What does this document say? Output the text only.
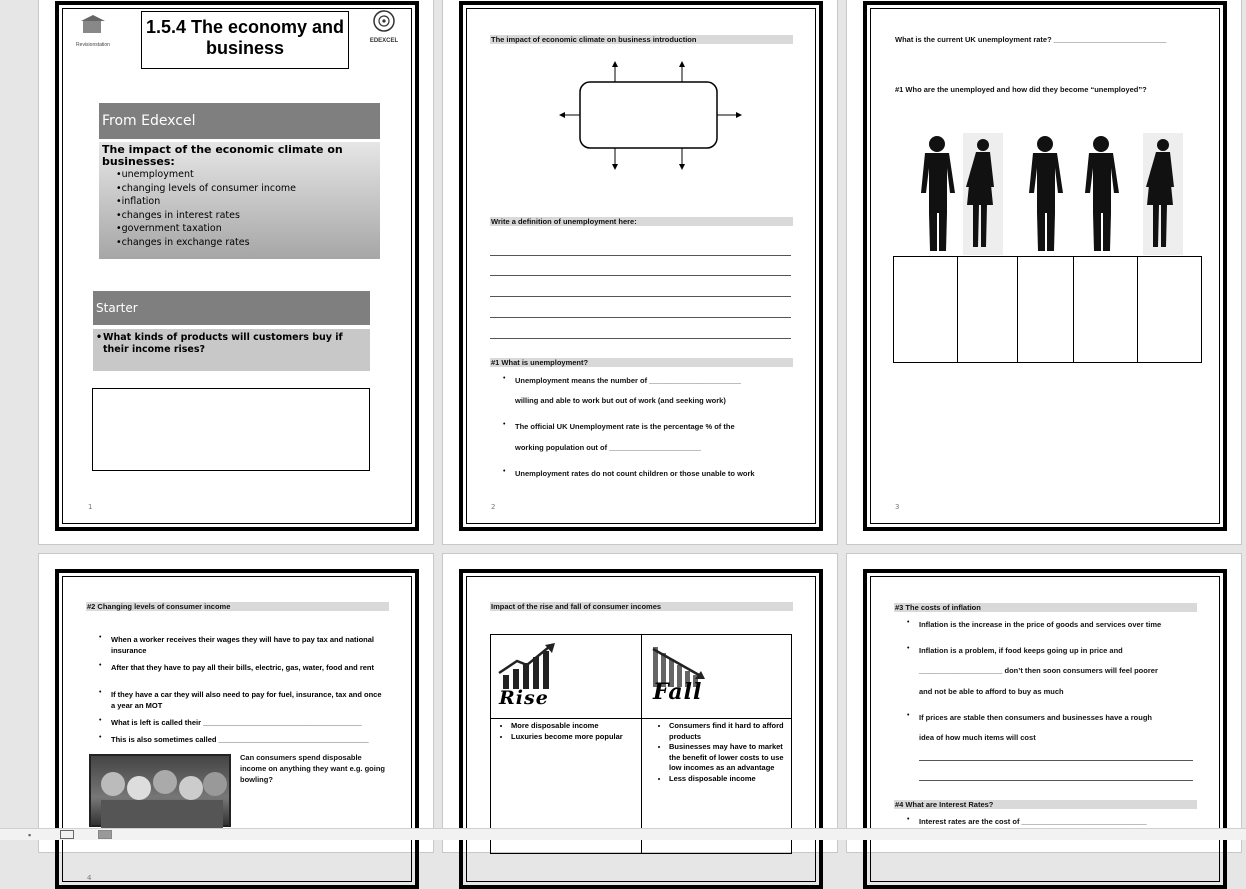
Revisionstation
1.5.4 The economy and business	EDEXCEL
From Edexcel
The impact of the economic climate on businesses:
•unemployment
•changing levels of consumer income
•inflation
•changes in interest rates
•government taxation
•changes in exchange rates
Starter
• What kinds of products will customers buy if their income rises?
1
The impact of economic climate on business introduction
Write a definition of unemployment here:
#1 What is unemployment?
• Unemployment means the number of ______________________
willing and able to work but out of work (and seeking work)
• The official UK Unemployment rate is the percentage % of the
working population out of ______________________
• Unemployment rates do not count children or those unable to work
2
What is the current UK unemployment rate? ___________________________
#1 Who are the unemployed and how did they become “unemployed”?
3
#2 Changing levels of consumer income
• When a worker receives their wages they will have to pay tax and national insurance
• After that they have to pay all their bills, electric, gas, water, food and rent
• If they have a car they will also need to pay for fuel, insurance, tax and once a year an MOT
• What is left is called their ______________________________________
• This is also sometimes called ____________________________________
Can consumers spend disposable income on anything they want e.g. going bowling?
4
Impact of the rise and fall of consumer incomes
Rise	Fall
• More disposable income
• Luxuries become more popular
• Consumers find it hard to afford products
• Businesses may have to market the benefit of lower costs to use low incomes as an advantage
• Less disposable income
#3 The costs of inflation
• Inflation is the increase in the price of goods and services over time
• Inflation is a problem, if food keeps going up in price and
____________________ don’t then soon consumers will feel poorer
and not be able to afford to buy as much
• If prices are stable then consumers and businesses have a rough
idea of how much items will cost
#4 What are Interest Rates?
• Interest rates are the cost of ______________________________
▪
